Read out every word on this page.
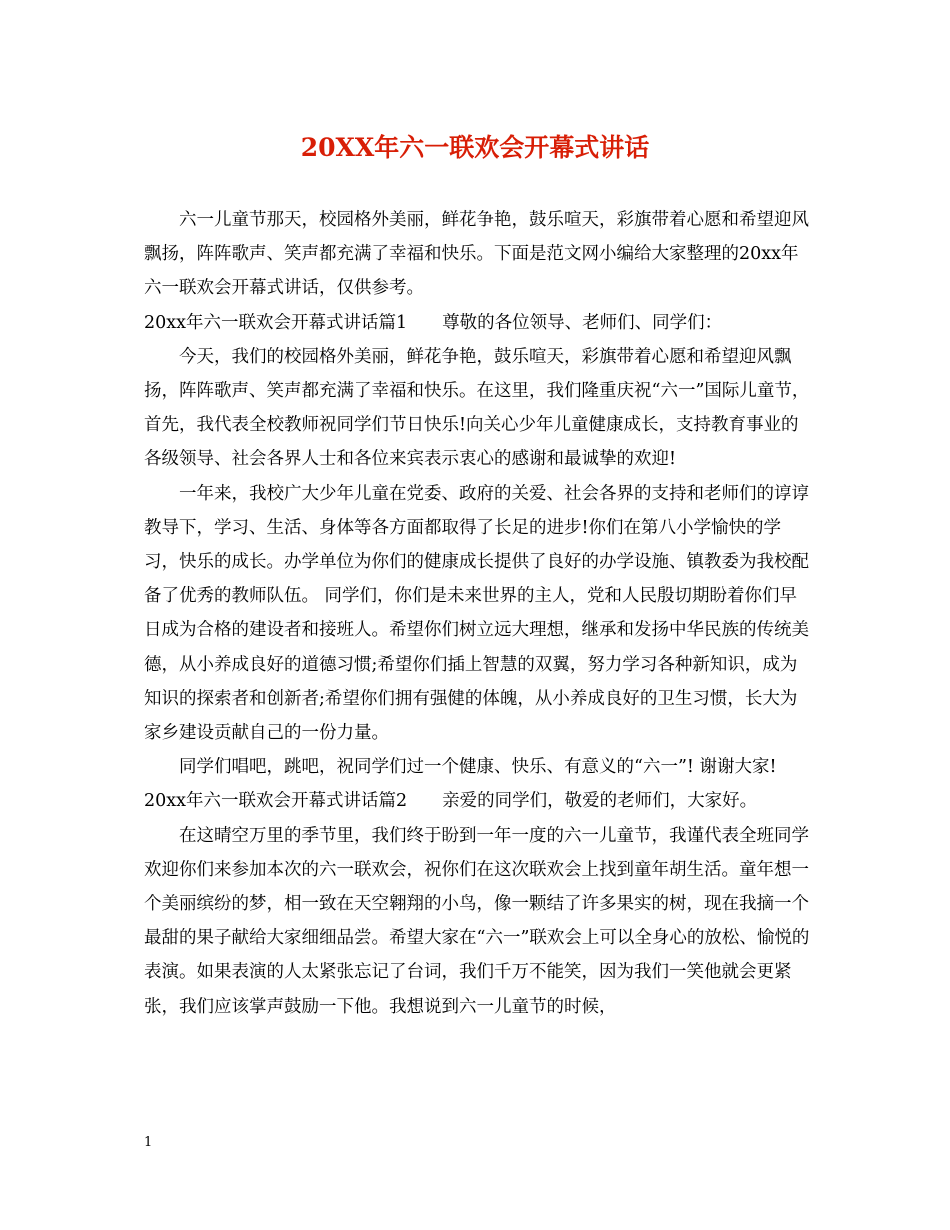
20XX年六一联欢会开幕式讲话

六一儿童节那天，校园格外美丽，鲜花争艳，鼓乐喧天，彩旗带着心愿和希望迎风飘扬，阵阵歌声、笑声都充满了幸福和快乐。下面是范文网小编给大家整理的20xx年六一联欢会开幕式讲话，仅供参考。

20xx年六一联欢会开幕式讲话篇1　　尊敬的各位领导、老师们、同学们：

今天，我们的校园格外美丽，鲜花争艳，鼓乐喧天，彩旗带着心愿和希望迎风飘扬，阵阵歌声、笑声都充满了幸福和快乐。在这里，我们隆重庆祝“六一”国际儿童节，首先，我代表全校教师祝同学们节日快乐!向关心少年儿童健康成长，支持教育事业的各级领导、社会各界人士和各位来宾表示衷心的感谢和最诚挚的欢迎!

一年来，我校广大少年儿童在党委、政府的关爱、社会各界的支持和老师们的谆谆教导下，学习、生活、身体等各方面都取得了长足的进步!你们在第八小学愉快的学习，快乐的成长。办学单位为你们的健康成长提供了良好的办学设施、镇教委为我校配备了优秀的教师队伍。 同学们，你们是未来世界的主人，党和人民殷切期盼着你们早日成为合格的建设者和接班人。希望你们树立远大理想，继承和发扬中华民族的传统美德，从小养成良好的道德习惯;希望你们插上智慧的双翼，努力学习各种新知识，成为知识的探索者和创新者;希望你们拥有强健的体魄，从小养成良好的卫生习惯，长大为家乡建设贡献自己的一份力量。

同学们唱吧，跳吧，祝同学们过一个健康、快乐、有意义的“六一”! 谢谢大家!

20xx年六一联欢会开幕式讲话篇2　　亲爱的同学们，敬爱的老师们，大家好。

在这晴空万里的季节里，我们终于盼到一年一度的六一儿童节，我谨代表全班同学欢迎你们来参加本次的六一联欢会，祝你们在这次联欢会上找到童年胡生活。童年想一个美丽缤纷的梦，相一致在天空翱翔的小鸟，像一颗结了许多果实的树，现在我摘一个最甜的果子献给大家细细品尝。希望大家在“六一”联欢会上可以全身心的放松、愉悦的表演。如果表演的人太紧张忘记了台词，我们千万不能笑，因为我们一笑他就会更紧张，我们应该掌声鼓励一下他。我想说到六一儿童节的时候，

1
